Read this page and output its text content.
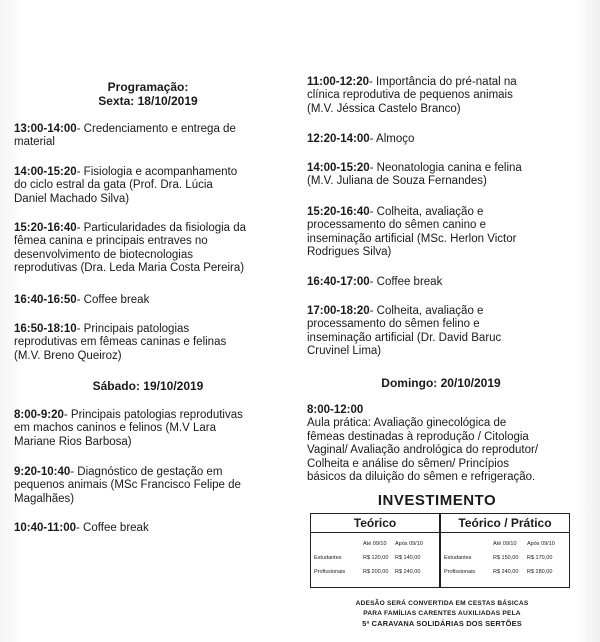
Programação:
Sexta: 18/10/2019
13:00-14:00- Credenciamento e entrega de
material
14:00-15:20- Fisiologia e acompanhamento
do ciclo estral da gata (Prof. Dra. Lúcia
Daniel Machado Silva)
15:20-16:40- Particularidades da fisiologia da
fêmea canina e principais entraves no
desenvolvimento de biotecnologias
reprodutivas (Dra. Leda Maria Costa Pereira)
16:40-16:50- Coffee break
16:50-18:10- Principais patologias
reprodutivas em fêmeas caninas e felinas
(M.V. Breno Queiroz)
Sábado: 19/10/2019
8:00-9:20- Principais patologias reprodutivas
em machos caninos e felinos (M.V Lara
Mariane Rios Barbosa)
9:20-10:40- Diagnóstico de gestação em
pequenos animais (MSc Francisco Felipe de
Magalhães)
10:40-11:00- Coffee break
11:00-12:20- Importância do pré-natal na
clínica reprodutiva de pequenos animais
(M.V. Jéssica Castelo Branco)
12:20-14:00- Almoço
14:00-15:20- Neonatologia canina e felina
(M.V. Juliana de Souza Fernandes)
15:20-16:40- Colheita, avaliação e
processamento do sêmen canino e
inseminação artificial (MSc. Herlon Victor
Rodrigues Silva)
16:40-17:00- Coffee break
17:00-18:20- Colheita, avaliação e
processamento do sêmen felino e
inseminação artificial (Dr. David Baruc
Cruvinel Lima)
Domingo: 20/10/2019
8:00-12:00
Aula prática: Avaliação ginecológica de
fêmeas destinadas à reprodução / Citologia
Vaginal/ Avaliação andrológica do reprodutor/
Colheita e análise do sêmen/ Princípios
básicos da diluição do sêmen e refrigeração.
INVESTIMENTO
Teórico
Até 09/10 Após 09/10
Estudantes	R$ 120,00 R$ 140,00
Profissionais	R$ 200,00 R$ 240,00
Teórico / Prático
Até 09/10 Após 09/10
Estudantes	R$ 150,00 R$ 170,00
Profissionais	R$ 240,00 R$ 280,00
ADESÃO SERÁ CONVERTIDA EM CESTAS BÁSICAS
PARA FAMÍLIAS CARENTES AUXILIADAS PELA
5ª CARAVANA SOLIDÁRIAS DOS SERTÕES
